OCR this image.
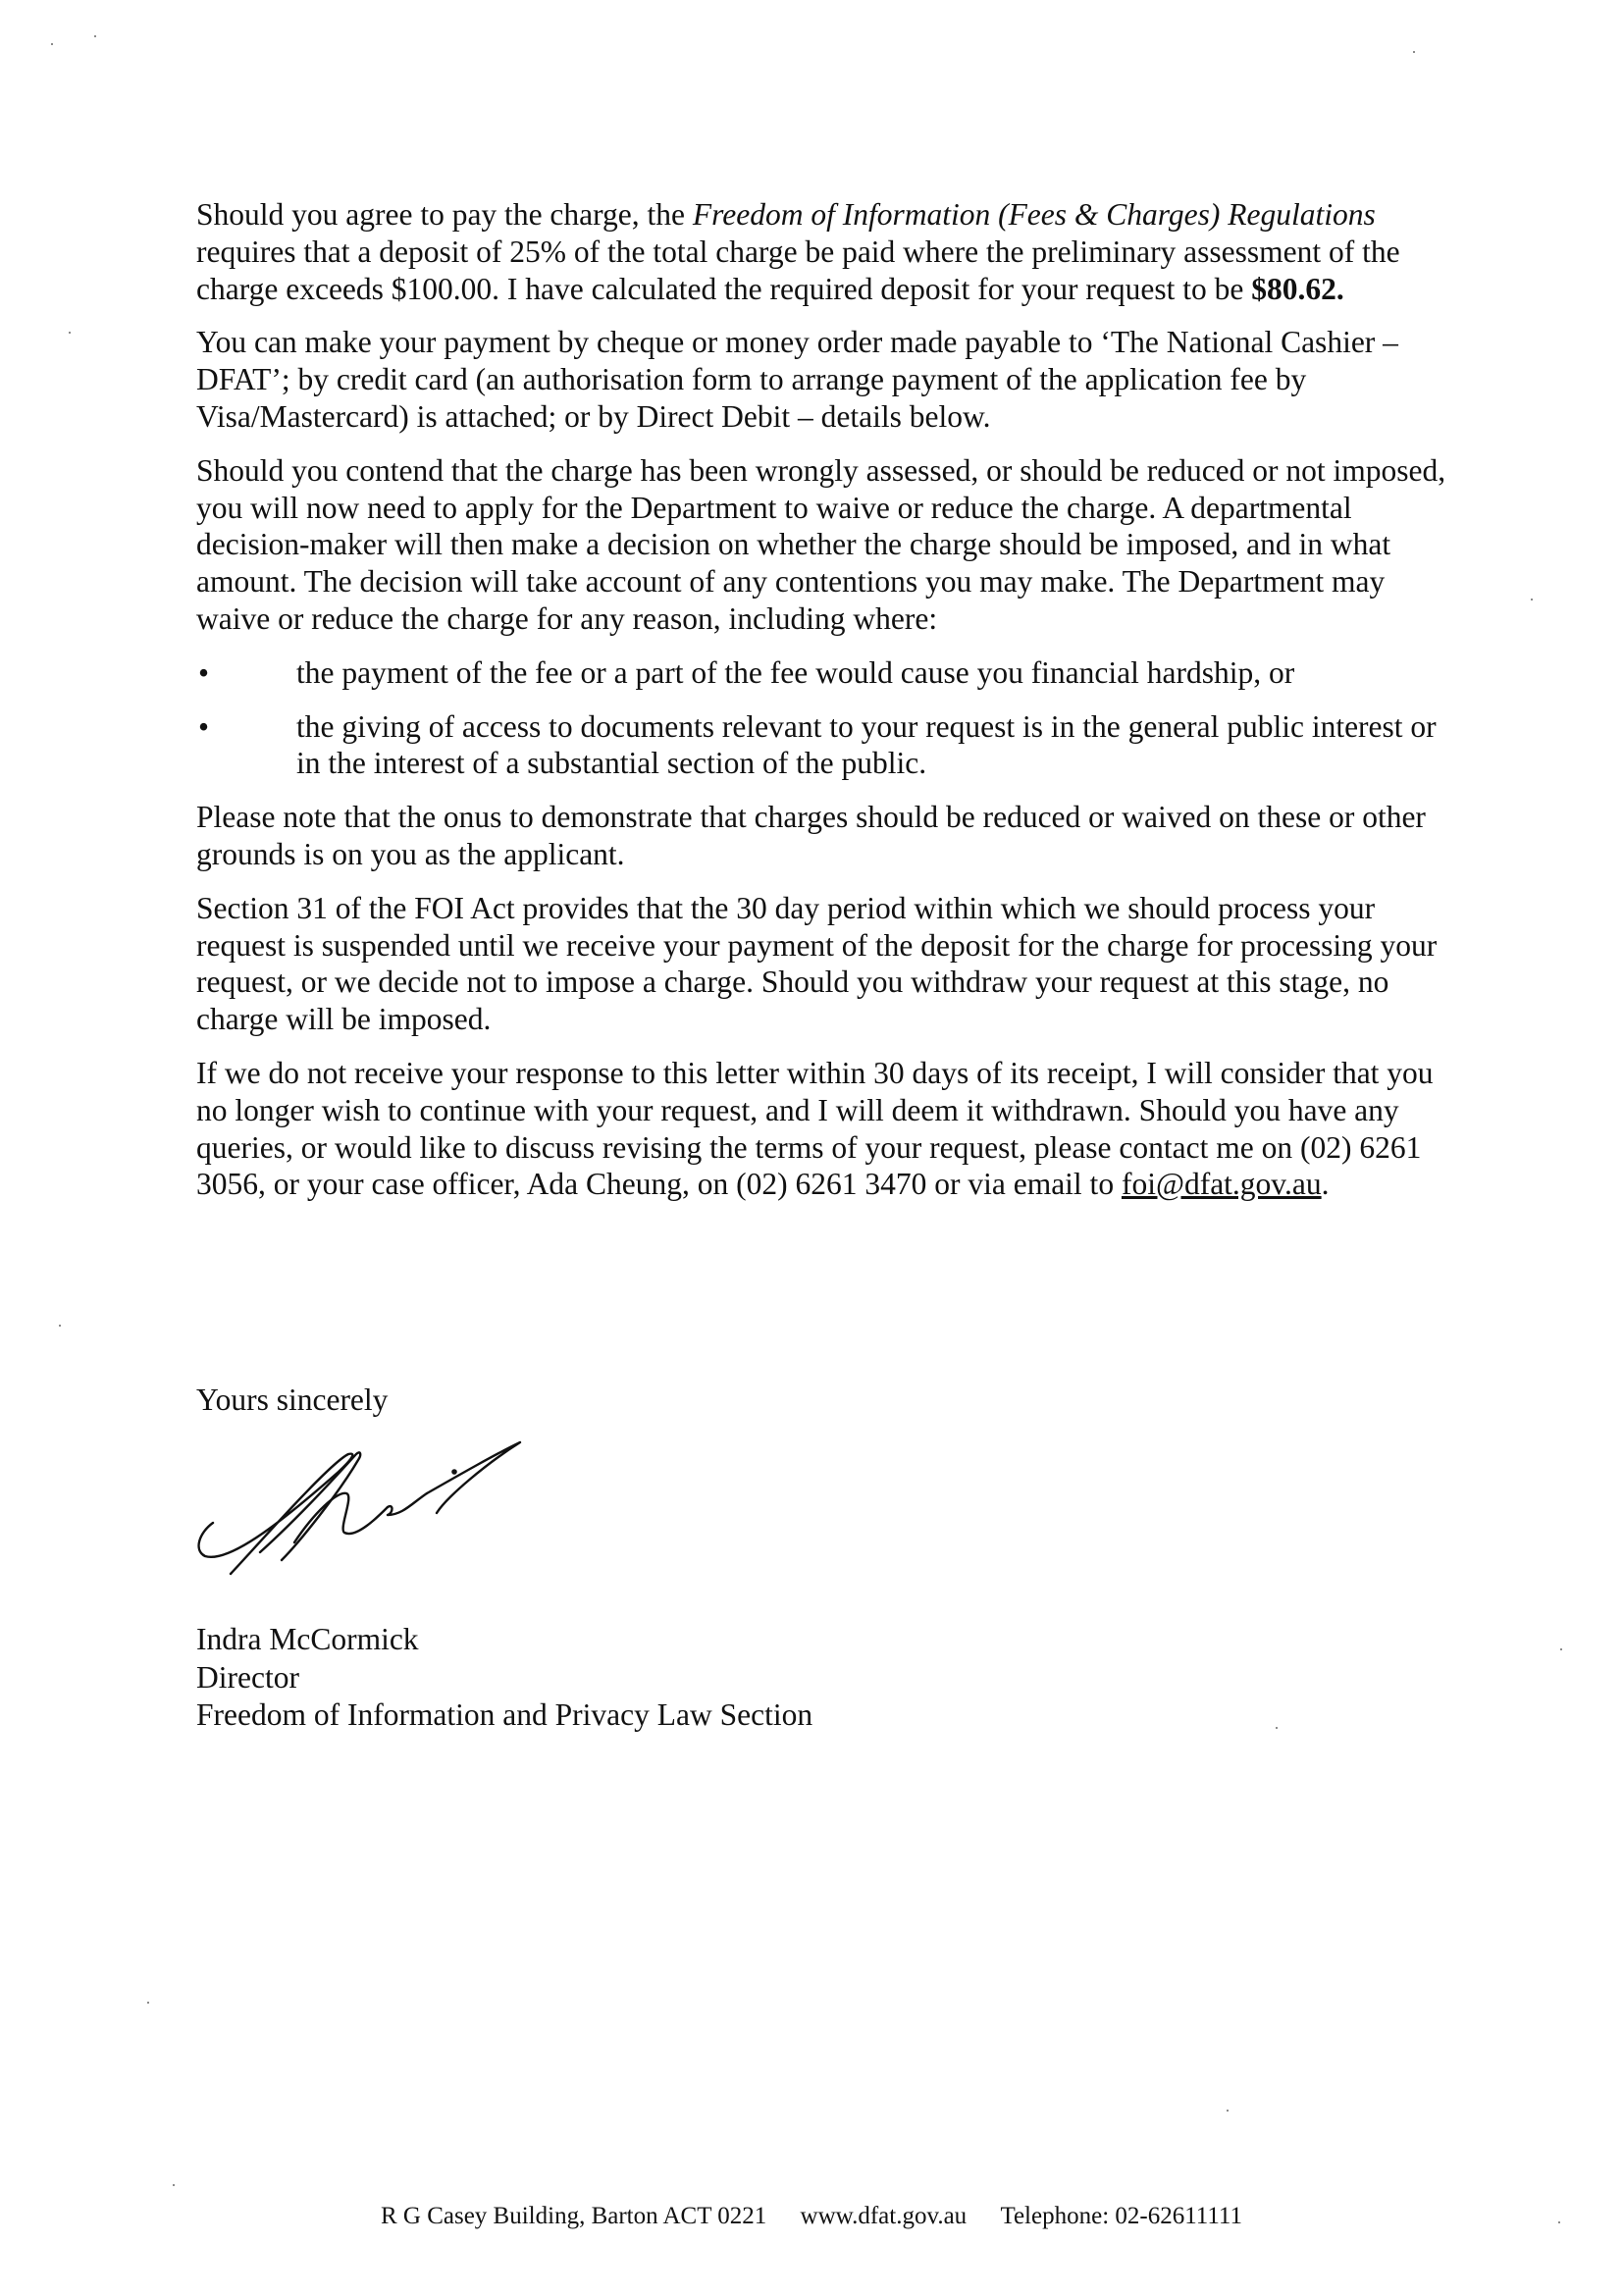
Should you agree to pay the charge, the Freedom of Information (Fees & Charges) Regulations requires that a deposit of 25% of the total charge be paid where the preliminary assessment of the charge exceeds $100.00. I have calculated the required deposit for your request to be $80.62.

You can make your payment by cheque or money order made payable to ‘The National Cashier – DFAT’; by credit card (an authorisation form to arrange payment of the application fee by Visa/Mastercard) is attached; or by Direct Debit – details below.

Should you contend that the charge has been wrongly assessed, or should be reduced or not imposed, you will now need to apply for the Department to waive or reduce the charge. A departmental decision-maker will then make a decision on whether the charge should be imposed, and in what amount. The decision will take account of any contentions you may make. The Department may waive or reduce the charge for any reason, including where:

•	the payment of the fee or a part of the fee would cause you financial hardship, or
•	the giving of access to documents relevant to your request is in the general public interest or in the interest of a substantial section of the public.

Please note that the onus to demonstrate that charges should be reduced or waived on these or other grounds is on you as the applicant.

Section 31 of the FOI Act provides that the 30 day period within which we should process your request is suspended until we receive your payment of the deposit for the charge for processing your request, or we decide not to impose a charge. Should you withdraw your request at this stage, no charge will be imposed.

If we do not receive your response to this letter within 30 days of its receipt, I will consider that you no longer wish to continue with your request, and I will deem it withdrawn. Should you have any queries, or would like to discuss revising the terms of your request, please contact me on (02) 6261 3056, or your case officer, Ada Cheung, on (02) 6261 3470 or via email to foi@dfat.gov.au.

Yours sincerely
Indra McCormick
Director
Freedom of Information and Privacy Law Section
R G Casey Building, Barton ACT 0221 www.dfat.gov.au Telephone: 02-62611111
